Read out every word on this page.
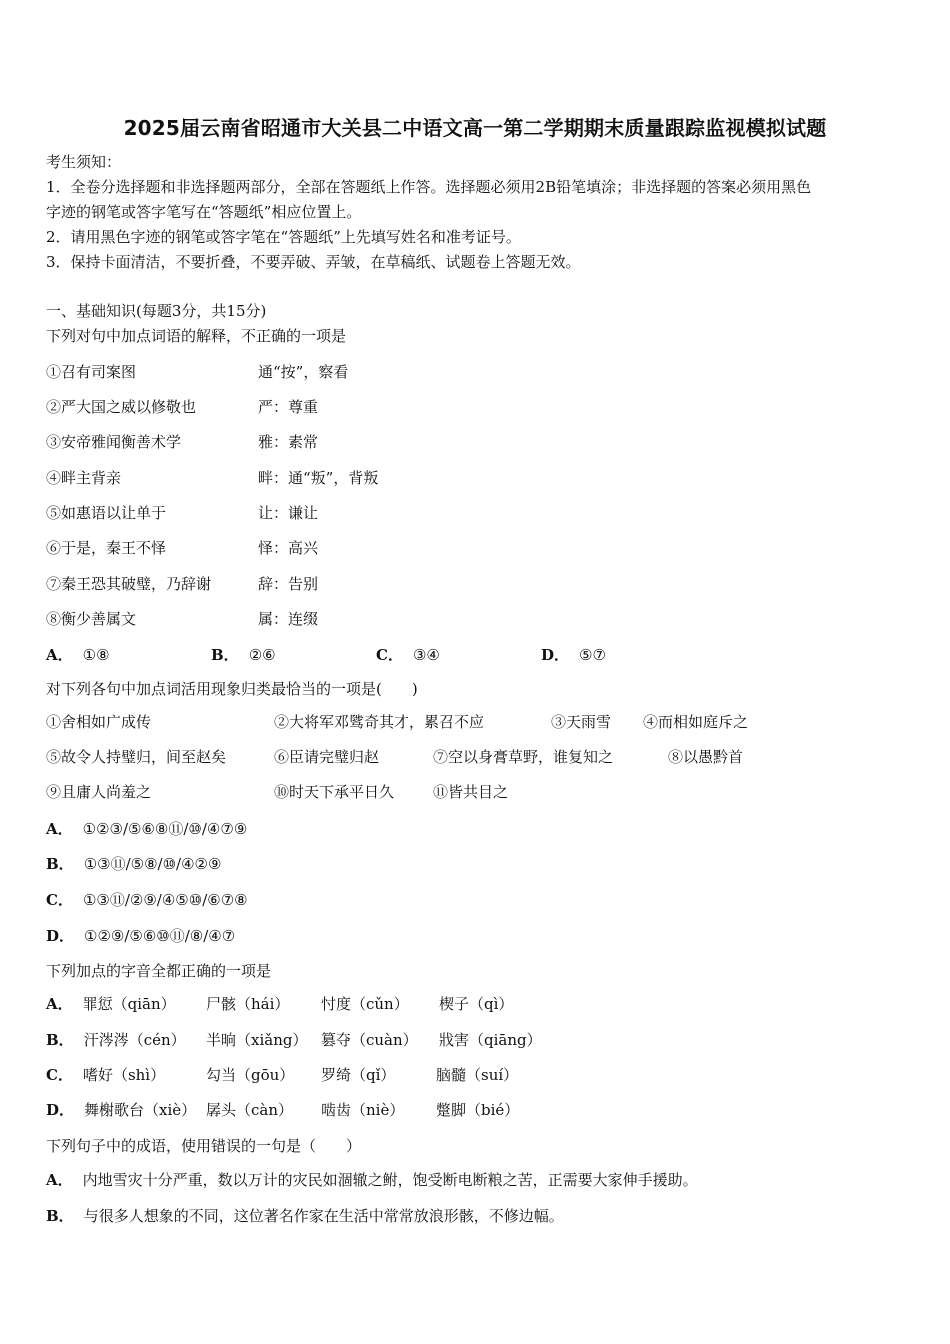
2025届云南省昭通市大关县二中语文高一第二学期期末质量跟踪监视模拟试题
考生须知：
1．全卷分选择题和非选择题两部分，全部在答题纸上作答。选择题必须用2B铅笔填涂；非选择题的答案必须用黑色
字迹的钢笔或答字笔写在“答题纸”相应位置上。
2．请用黑色字迹的钢笔或答字笔在“答题纸”上先填写姓名和准考证号。
3．保持卡面清洁，不要折叠，不要弄破、弄皱，在草稿纸、试题卷上答题无效。
一、基础知识(每题3分，共15分)
下列对句中加点词语的解释，不正确的一项是
①召有司案图	通“按”，察看
②严大国之威以修敬也	严：尊重
③安帝雅闻衡善术学	雅：素常
④畔主背亲	畔：通“叛”，背叛
⑤如惠语以让单于	让：谦让
⑥于是，秦王不怿	怿：高兴
⑦秦王恐其破璧，乃辞谢	辞：告别
⑧衡少善属文	属：连缀
A． ①⑧	B． ②⑥	C． ③④	D． ⑤⑦
对下列各句中加点词活用现象归类最恰当的一项是(　　)
①舍相如广成传	②大将军邓骘奇其才，累召不应	③天雨雪 ④而相如庭斥之
⑤故令人持璧归，间至赵矣	⑥臣请完璧归赵	⑦空以身膏草野，谁复知之	⑧以愚黔首
⑨且庸人尚羞之	⑩时天下承平日久	⑪皆共目之
A． ①②③/⑤⑥⑧⑪/⑩/④⑦⑨
B． ①③⑪/⑤⑧/⑩/④②⑨
C． ①③⑪/②⑨/④⑤⑩/⑥⑦⑧
D． ①②⑨/⑤⑥⑩⑪/⑧/④⑦
下列加点的字音全都正确的一项是
A． 罪愆（qiān） 尸骸（hái） 忖度（cǔn） 楔子（qì）
B． 汗涔涔（cén） 半晌（xiǎng） 篡夺（cuàn） 戕害（qiāng）
C． 嗜好（shì）	勾当（gōu） 罗绮（qǐ）	脑髓（suí）
D． 舞榭歌台（xiè） 孱头（càn） 啮齿（niè） 蹩脚（bié）
下列句子中的成语，使用错误的一句是（　　）
A． 内地雪灾十分严重，数以万计的灾民如涸辙之鲋，饱受断电断粮之苦，正需要大家伸手援助。
B． 与很多人想象的不同，这位著名作家在生活中常常放浪形骸，不修边幅。
